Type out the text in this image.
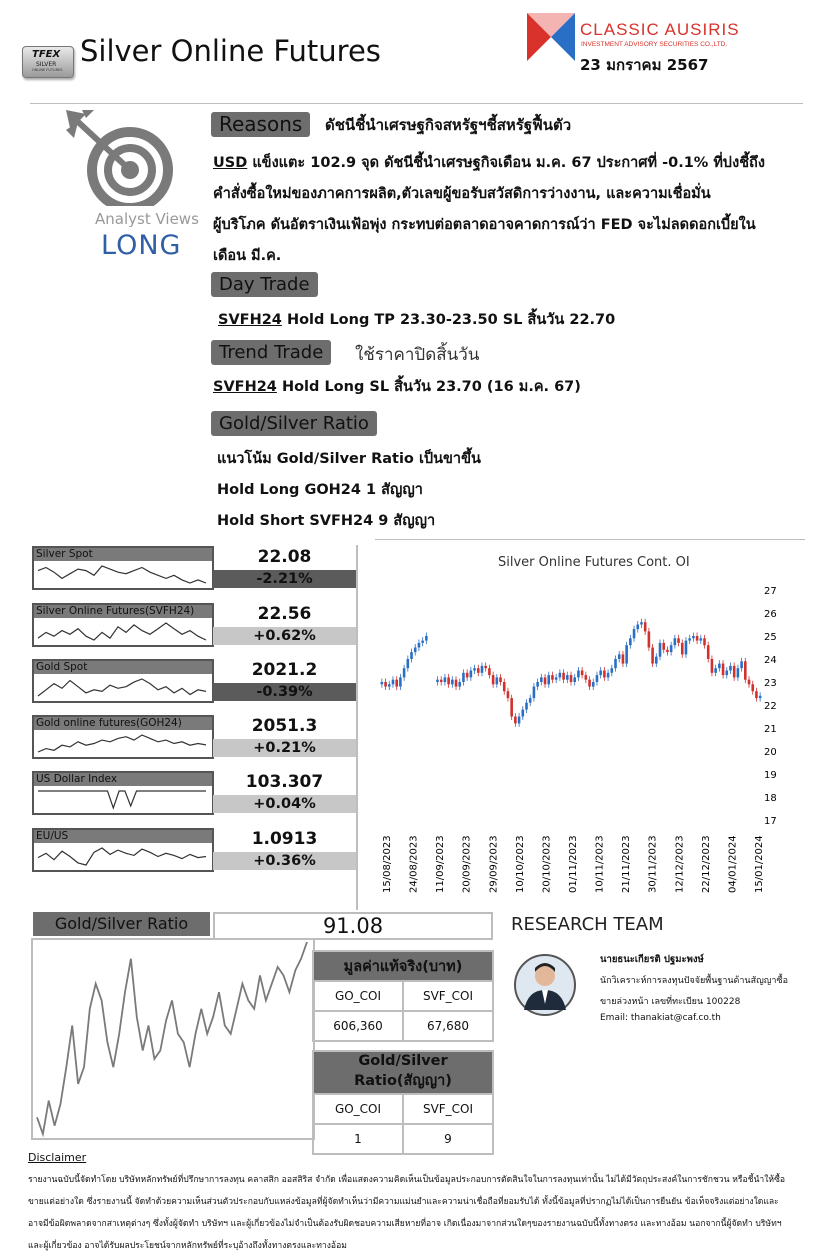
TFEX
SILVER
ONLINE FUTURES
Silver Online Futures
CLASSIC AUSIRIS
INVESTMENT ADVISORY SECURITIES CO.,LTD.
23 มกราคม 2567
Analyst Views
LONG
Reasons	ดัชนีชี้นำเศรษฐกิจสหรัฐฯชี้สหรัฐฟื้นตัว
USD แข็งแตะ 102.9 จุด ดัชนีชี้นำเศรษฐกิจเดือน ม.ค. 67 ประกาศที่ -0.1% ที่บ่งชี้ถึง
คำสั่งซื้อใหม่ของภาคการผลิต,ตัวเลขผู้ขอรับสวัสดิการว่างงาน, และความเชื่อมั่น
ผู้บริโภค ดันอัตราเงินเฟ้อพุ่ง กระทบต่อตลาดอาจคาดการณ์ว่า FED จะไม่ลดดอกเบี้ยใน
เดือน มี.ค.
Day Trade
SVFH24 Hold Long TP 23.30-23.50 SL สิ้นวัน 22.70
Trend Trade	ใช้ราคาปิดสิ้นวัน
SVFH24 Hold Long SL สิ้นวัน 23.70 (16 ม.ค. 67)
Gold/Silver Ratio
แนวโน้ม Gold/Silver Ratio เป็นขาขึ้น
Hold Long GOH24 1 สัญญา
Hold Short SVFH24 9 สัญญา
Silver Spot	22.08
-2.21%
Silver Online Futures(SVFH24)	22.56
+0.62%
Gold Spot	2021.2
-0.39%
Gold online futures(GOH24)	2051.3
+0.21%
US Dollar Index	103.307
+0.04%
EU/US	1.0913
+0.36%
Silver Online Futures Cont. OI
17
18
19
20
21
22
23
24
25
26
27
15/08/2023 24/08/2023 11/09/2023 20/09/2023 29/09/2023 10/10/2023 20/10/2023 01/11/2023 10/11/2023 21/11/2023 30/11/2023 12/12/2023 22/12/2023 04/01/2024 15/01/2024
Gold/Silver Ratio	91.08	RESEARCH TEAM
มูลค่าแท้จริง(บาท)	
GO_COI	SVF_COI
606,360	67,680
Gold/Silver Ratio(สัญญา)	
GO_COI	SVF_COI
1	9
นายธนะเกียรติ ปฐมะพงษ์
นักวิเคราะห์การลงทุนปัจจัยพื้นฐานด้านสัญญาซื้อ
ขายล่วงหน้า เลขที่ทะเบียน 100228
Email: thanakiat@caf.co.th
Disclaimer
รายงานฉบับนี้จัดทำโดย บริษัทหลักทรัพย์ที่ปรึกษาการลงทุน คลาสสิก ออสสิริส จำกัด เพื่อแสดงความคิดเห็นเป็นข้อมูลประกอบการตัดสินใจในการลงทุนเท่านั้น ไม่ได้มีวัตถุประสงค์ในการชักชวน หรือชี้นำให้ซื้อขายแต่อย่างใด ซึ่งรายงานนี้ จัดทำด้วยความเห็นส่วนตัวประกอบกับแหล่งข้อมูลที่ผู้จัดทำเห็นว่ามีความแม่นยำและความน่าเชื่อถือที่ยอมรับได้ ทั้งนี้ข้อมูลที่ปรากฏไม่ได้เป็นการยืนยัน ข้อเท็จจริงแต่อย่างใดและอาจมีข้อผิดพลาดจากสาเหตุต่างๆ ซึ่งทั้งผู้จัดทำ บริษัทฯ และผู้เกี่ยวข้องไม่จำเป็นต้องรับผิดชอบความเสียหายที่อาจ เกิดเนื่องมาจากส่วนใดๆของรายงานฉบับนี้ทั้งทางตรง และทางอ้อม นอกจากนี้ผู้จัดทำ บริษัทฯ และผู้เกี่ยวข้อง อาจได้รับผลประโยชน์จากหลักทรัพย์ที่ระบุอ้างถึงทั้งทางตรงและทางอ้อม
